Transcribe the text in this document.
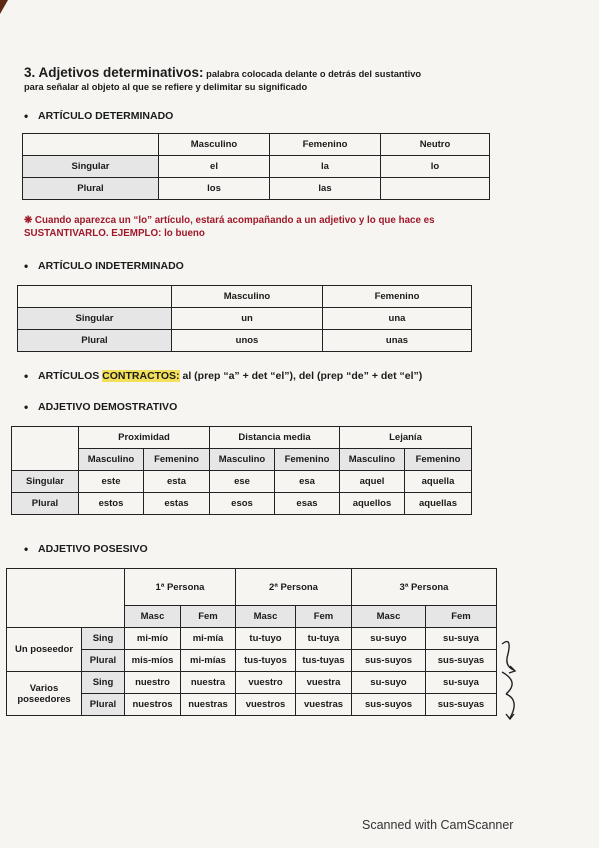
3. Adjetivos determinativos: palabra colocada delante o detrás del sustantivo
para señalar al objeto al que se refiere y delimitar su significado
• ARTÍCULO DETERMINADO
	Masculino	Femenino	Neutro
Singular	el	la	lo
Plural	los	las	
❋ Cuando aparezca un “lo” artículo, estará acompañando a un adjetivo y lo que hace es
SUSTANTIVARLO. EJEMPLO: lo bueno
• ARTÍCULO INDETERMINADO
	Masculino	Femenino
Singular	un	una
Plural	unos	unas
• ARTÍCULOS CONTRACTOS: al (prep “a” + det “el”), del (prep “de” + det “el”)
• ADJETIVO DEMOSTRATIVO
	Proximidad		Distancia media		Lejanía	
	Masculino	Femenino	Masculino	Femenino	Masculino	Femenino
Singular	este	esta	ese	esa	aquel	aquella
Plural	estos	estas	esos	esas	aquellos	aquellas
• ADJETIVO POSESIVO
		1ª Persona		2ª Persona		3ª Persona	
		Masc	Fem	Masc	Fem	Masc	Fem
Un poseedor	Sing	mi-mío	mi-mía	tu-tuyo	tu-tuya	su-suyo	su-suya
	Plural	mis-míos	mi-mías	tus-tuyos	tus-tuyas	sus-suyos	sus-suyas
Varios poseedores	Sing	nuestro	nuestra	vuestro	vuestra	su-suyo	su-suya
	Plural	nuestros	nuestras	vuestros	vuestras	sus-suyos	sus-suyas
Scanned with CamScanner
